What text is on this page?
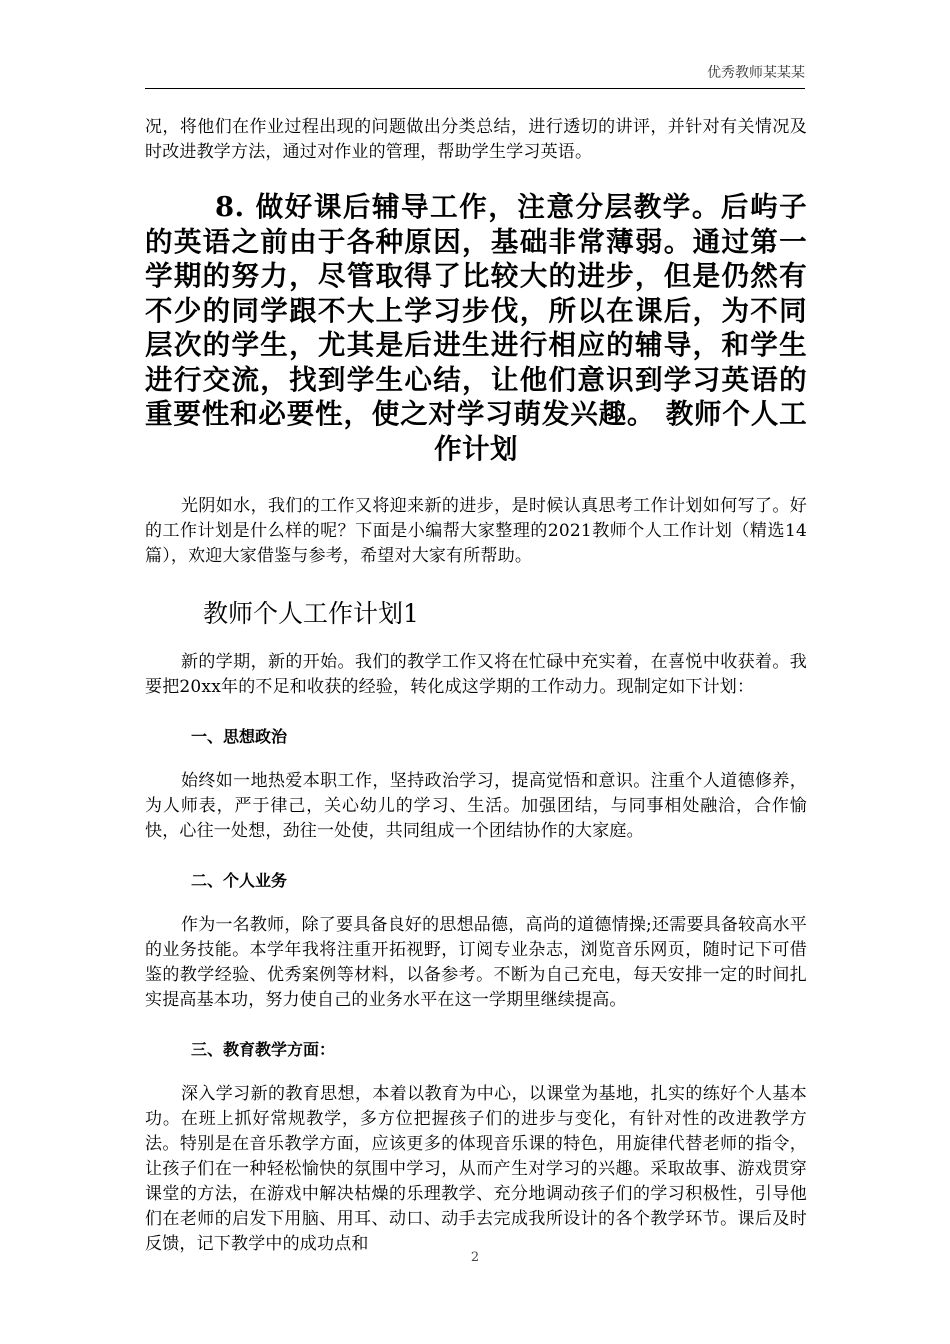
优秀教师某某某

况，将他们在作业过程出现的问题做出分类总结，进行透切的讲评，并针对有关情况及时改进教学方法，通过对作业的管理，帮助学生学习英语。

8. 做好课后辅导工作，注意分层教学。后屿子的英语之前由于各种原因，基础非常薄弱。通过第一学期的努力，尽管取得了比较大的进步，但是仍然有不少的同学跟不大上学习步伐，所以在课后，为不同层次的学生，尤其是后进生进行相应的辅导，和学生进行交流，找到学生心结，让他们意识到学习英语的重要性和必要性，使之对学习萌发兴趣。 教师个人工作计划

光阴如水，我们的工作又将迎来新的进步，是时候认真思考工作计划如何写了。好的工作计划是什么样的呢？下面是小编帮大家整理的2021教师个人工作计划（精选14篇），欢迎大家借鉴与参考，希望对大家有所帮助。

教师个人工作计划1

新的学期，新的开始。我们的教学工作又将在忙碌中充实着，在喜悦中收获着。我要把20xx年的不足和收获的经验，转化成这学期的工作动力。现制定如下计划：

一、思想政治

始终如一地热爱本职工作，坚持政治学习，提高觉悟和意识。注重个人道德修养，为人师表，严于律己，关心幼儿的学习、生活。加强团结，与同事相处融洽，合作愉快，心往一处想，劲往一处使，共同组成一个团结协作的大家庭。

二、个人业务

作为一名教师，除了要具备良好的思想品德，高尚的道德情操;还需要具备较高水平的业务技能。本学年我将注重开拓视野，订阅专业杂志，浏览音乐网页，随时记下可借鉴的教学经验、优秀案例等材料，以备参考。不断为自己充电，每天安排一定的时间扎实提高基本功，努力使自己的业务水平在这一学期里继续提高。

三、教育教学方面：

深入学习新的教育思想，本着以教育为中心，以课堂为基地，扎实的练好个人基本功。在班上抓好常规教学，多方位把握孩子们的进步与变化，有针对性的改进教学方法。特别是在音乐教学方面，应该更多的体现音乐课的特色，用旋律代替老师的指令，让孩子们在一种轻松愉快的氛围中学习，从而产生对学习的兴趣。采取故事、游戏贯穿课堂的方法，在游戏中解决枯燥的乐理教学、充分地调动孩子们的学习积极性，引导他们在老师的启发下用脑、用耳、动口、动手去完成我所设计的各个教学环节。课后及时反馈，记下教学中的成功点和

2
